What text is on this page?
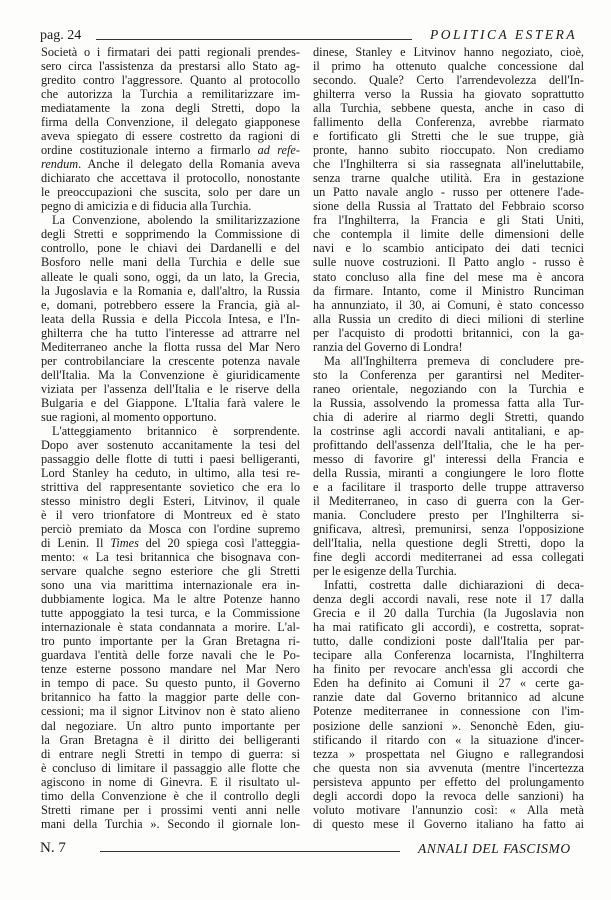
pag. 24	POLITICA ESTERA
Società o i firmatari dei patti regionali prendes-
sero circa l'assistenza da prestarsi allo Stato ag-
gredito contro l'aggressore. Quanto al protocollo
che autorizza la Turchia a remilitarizzare im-
mediatamente la zona degli Stretti, dopo la
firma della Convenzione, il delegato giapponese
aveva spiegato di essere costretto da ragioni di
ordine costituzionale interno a firmarlo ad refe-
rendum. Anche il delegato della Romania aveva
dichiarato che accettava il protocollo, nonostante
le preoccupazioni che suscita, solo per dare un
pegno di amicizia e di fiducia alla Turchia.
La Convenzione, abolendo la smilitarizzazione
degli Stretti e sopprimendo la Commissione di
controllo, pone le chiavi dei Dardanelli e del
Bosforo nelle mani della Turchia e delle sue
alleate le quali sono, oggi, da un lato, la Grecia,
la Jugoslavia e la Romania e, dall'altro, la Russia
e, domani, potrebbero essere la Francia, già al-
leata della Russia e della Piccola Intesa, e l'In-
ghilterra che ha tutto l'interesse ad attrarre nel
Mediterraneo anche la flotta russa del Mar Nero
per controbilanciare la crescente potenza navale
dell'Italia. Ma la Convenzione è giuridicamente
viziata per l'assenza dell'Italia e le riserve della
Bulgaria e del Giappone. L'Italia farà valere le
sue ragioni, al momento opportuno.
L'atteggiamento britannico è sorprendente.
Dopo aver sostenuto accanitamente la tesi del
passaggio delle flotte di tutti i paesi belligeranti,
Lord Stanley ha ceduto, in ultimo, alla tesi re-
strittiva del rappresentante sovietico che era lo
stesso ministro degli Esteri, Litvinov, il quale
è il vero trionfatore di Montreux ed è stato
perciò premiato da Mosca con l'ordine supremo
di Lenin. Il Times del 20 spiega così l'atteggia-
mento: « La tesi britannica che bisognava con-
servare qualche segno esteriore che gli Stretti
sono una via marittima internazionale era in-
dubbiamente logica. Ma le altre Potenze hanno
tutte appoggiato la tesi turca, e la Commissione
internazionale è stata condannata a morire. L'al-
tro punto importante per la Gran Bretagna ri-
guardava l'entità delle forze navali che le Po-
tenze esterne possono mandare nel Mar Nero
in tempo di pace. Su questo punto, il Governo
britannico ha fatto la maggior parte delle con-
cessioni; ma il signor Litvinov non è stato alieno
dal negoziare. Un altro punto importante per
la Gran Bretagna è il diritto dei belligeranti
di entrare negli Stretti in tempo di guerra: si
è concluso di limitare il passaggio alle flotte che
agiscono in nome di Ginevra. E il risultato ul-
timo della Convenzione è che il controllo degli
Stretti rimane per i prossimi venti anni nelle
mani della Turchia ». Secondo il giornale lon-
dinese, Stanley e Litvinov hanno negoziato, cioè,
il primo ha ottenuto qualche concessione dal
secondo. Quale? Certo l'arrendevolezza dell'In-
ghilterra verso la Russia ha giovato soprattutto
alla Turchia, sebbene questa, anche in caso di
fallimento della Conferenza, avrebbe riarmato
e fortificato gli Stretti che le sue truppe, già
pronte, hanno subito rioccupato. Non crediamo
che l'Inghilterra si sia rassegnata all'ineluttabile,
senza trarne qualche utilità. Era in gestazione
un Patto navale anglo - russo per ottenere l'ade-
sione della Russia al Trattato del Febbraio scorso
fra l'Inghilterra, la Francia e gli Stati Uniti,
che contempla il limite delle dimensioni delle
navi e lo scambio anticipato dei dati tecnici
sulle nuove costruzioni. Il Patto anglo - russo è
stato concluso alla fine del mese ma è ancora
da firmare. Intanto, come il Ministro Runciman
ha annunziato, il 30, ai Comuni, è stato concesso
alla Russia un credito di dieci milioni di sterline
per l'acquisto di prodotti britannici, con la ga-
ranzia del Governo di Londra!
Ma all'Inghilterra premeva di concludere pre-
sto la Conferenza per garantirsi nel Mediter-
raneo orientale, negoziando con la Turchia e
la Russia, assolvendo la promessa fatta alla Tur-
chia di aderire al riarmo degli Stretti, quando
la costrinse agli accordi navali antitaliani, e ap-
profittando dell'assenza dell'Italia, che le ha per-
messo di favorire gl' interessi della Francia e
della Russia, miranti a congiungere le loro flotte
e a facilitare il trasporto delle truppe attraverso
il Mediterraneo, in caso di guerra con la Ger-
mania. Concludere presto per l'Inghilterra si-
gnificava, altresì, premunirsi, senza l'opposizione
dell'Italia, nella questione degli Stretti, dopo la
fine degli accordi mediterranei ad essa collegati
per le esigenze della Turchia.
Infatti, costretta dalle dichiarazioni di deca-
denza degli accordi navali, rese note il 17 dalla
Grecia e il 20 dalla Turchia (la Jugoslavia non
ha mai ratificato gli accordi), e costretta, soprat-
tutto, dalle condizioni poste dall'Italia per par-
tecipare alla Conferenza locarnista, l'Inghilterra
ha finito per revocare anch'essa gli accordi che
Eden ha definito ai Comuni il 27 « certe ga-
ranzie date dal Governo britannico ad alcune
Potenze mediterranee in connessione con l'im-
posizione delle sanzioni ». Senonchè Eden, giu-
stificando il ritardo con « la situazione d'incer-
tezza » prospettata nel Giugno e rallegrandosi
che questa non sia avvenuta (mentre l'incertezza
persisteva appunto per effetto del prolungamento
degli accordi dopo la revoca delle sanzioni) ha
voluto motivare l'annunzio così: « Alla metà
di questo mese il Governo italiano ha fatto ai
N. 7	ANNALI DEL FASCISMO
